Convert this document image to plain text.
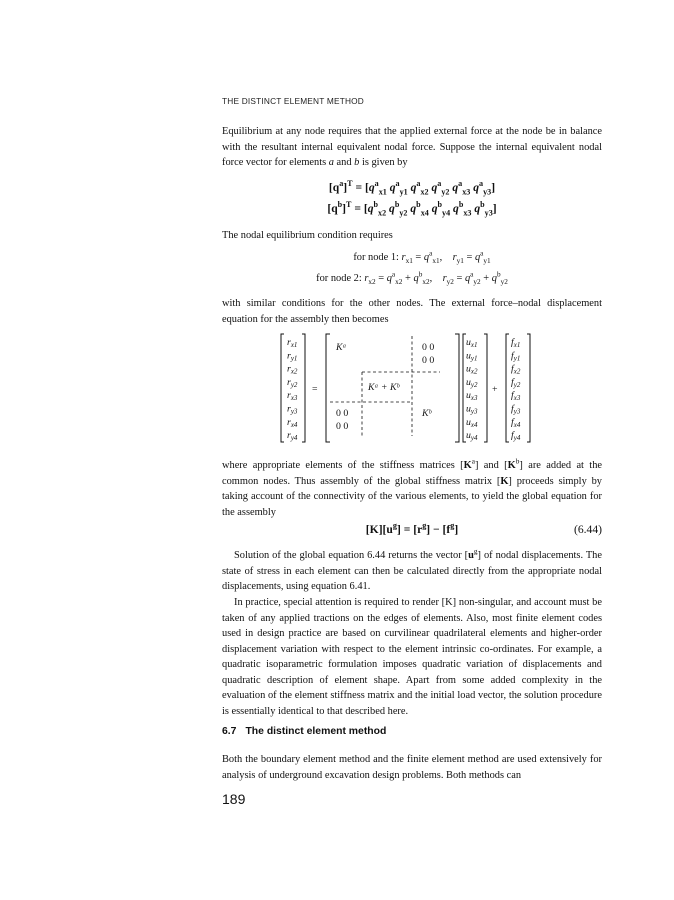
THE DISTINCT ELEMENT METHOD
Equilibrium at any node requires that the applied external force at the node be in balance with the resultant internal equivalent nodal force. Suppose the internal equivalent nodal force vector for elements a and b is given by
$[q^a]^T = [q^a_{x1}$ $q^a_{y1}$ $q^a_{x2}$ $q^a_{y2}$ $q^a_{x3}$ $q^a_{y3}$]
$[q^b]^T = [q^b_{x2}$ $q^b_{y2}$ $q^b_{x4}$ $q^b_{y4}$ $q^b_{x3}$ $q^b_{y3}$]
The nodal equilibrium condition requires
for node 1: $r_{x1} = q^a_{x1}$,    $r_{y1} = q^a_{y1}$
for node 2: $r_{x2} = q^a_{x2} + q^b_{x2}$,    $r_{y2} = q^a_{y2} + q^b_{y2}$
with similar conditions for the other nodes. The external force–nodal displacement equation for the assembly then becomes
$r_{x1}$
$r_{y1}$
$r_{x2}$
$r_{y2}$
$r_{x3}$
$r_{y3}$
$r_{x4}$
$r_{y4}$
=
Kᵃ	0 0
0 0
0 0
0 0
Kᵃ + Kᵇ
Kᵇ
$u_{x1}$
$u_{y1}$
$u_{x2}$
$u_{y2}$
$u_{x3}$
$u_{y3}$
$u_{x4}$
$u_{y4}$
+
$f_{x1}$
$f_{y1}$
$f_{x2}$
$f_{y2}$
$f_{x3}$
$f_{y3}$
$f_{x4}$
$f_{y4}$
where appropriate elements of the stiffness matrices $[K^a]$ and $[K^b]$ are added at the common nodes. Thus assembly of the global stiffness matrix [K] proceeds simply by taking account of the connectivity of the various elements, to yield the global equation for the assembly
$[K][u^g] = [r^g] - [f^g]$	(6.44)
Solution of the global equation 6.44 returns the vector $[u^g]$ of nodal displacements. The state of stress in each element can then be calculated directly from the appropriate nodal displacements, using equation 6.41.
In practice, special attention is required to render [K] non-singular, and account must be taken of any applied tractions on the edges of elements. Also, most finite element codes used in design practice are based on curvilinear quadrilateral elements and higher-order displacement variation with respect to the element intrinsic co-ordinates. For example, a quadratic isoparametric formulation imposes quadratic variation of displacements and quadratic description of element shape. Apart from some added complexity in the evaluation of the element stiffness matrix and the initial load vector, the solution procedure is essentially identical to that described here.
6.7 The distinct element method
Both the boundary element method and the finite element method are used extensively for analysis of underground excavation design problems. Both methods can
189
